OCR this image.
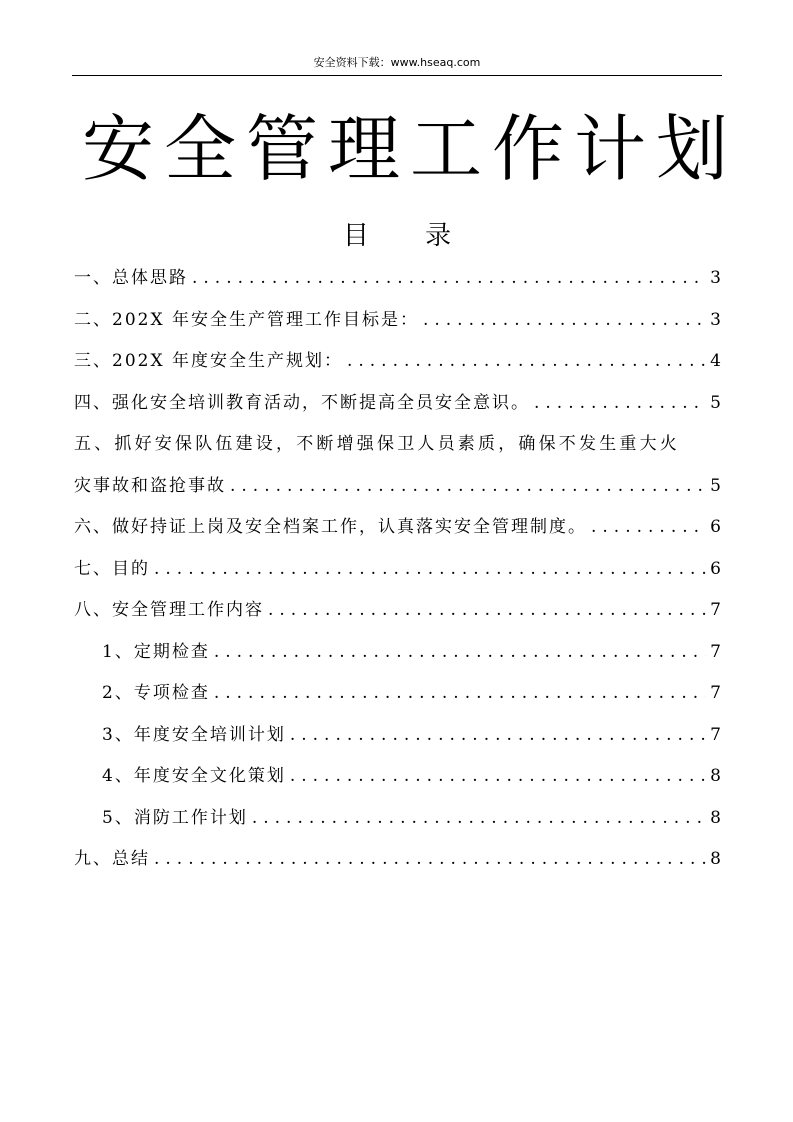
安全资料下载：www.hseaq.com
安全管理工作计划
目 录
一、总体思路 .....	3
二、202X 年安全生产管理工作目标是： .....	3
三、202X 年度安全生产规划： .....	4
四、强化安全培训教育活动，不断提高全员安全意识。 .....	5
五、抓好安保队伍建设，不断增强保卫人员素质，确保不发生重大火
灾事故和盗抢事故 .....	5
六、做好持证上岗及安全档案工作，认真落实安全管理制度。 .....	6
七、目的 .....	6
八、安全管理工作内容 .....	7
1、定期检查 .....	7
2、专项检查 .....	7
3、年度安全培训计划 .....	7
4、年度安全文化策划 .....	8
5、消防工作计划 .....	8
九、总结 .....	8
